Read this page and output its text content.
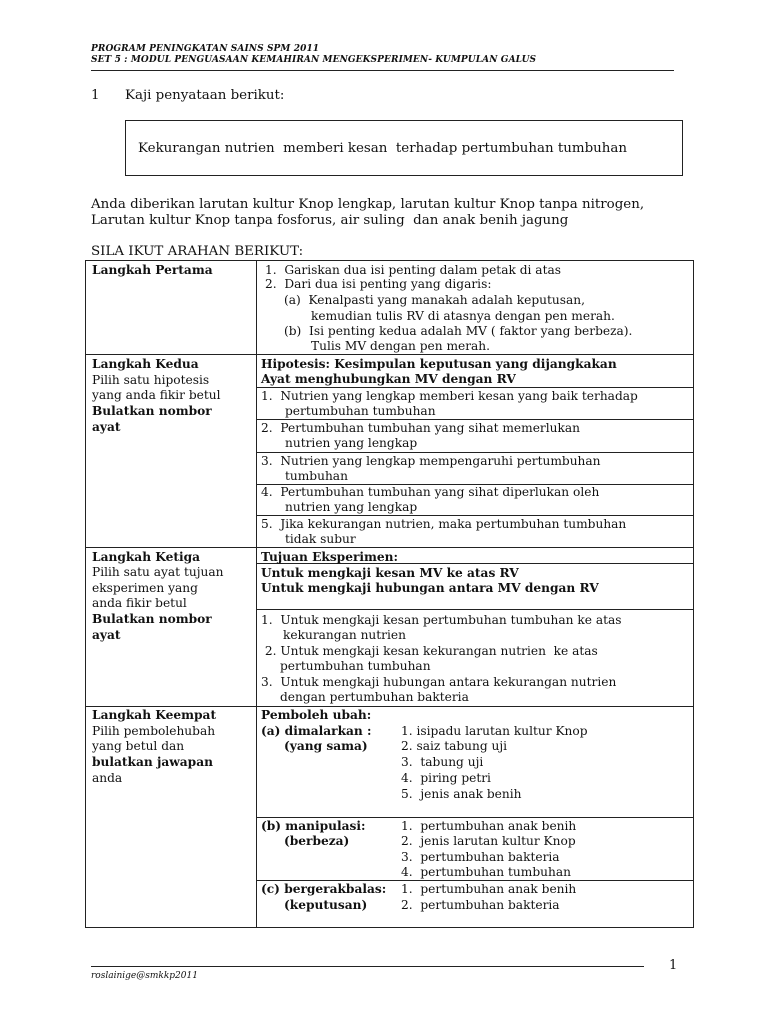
PROGRAM PENINGKATAN SAINS SPM 2011
SET 5 : MODUL PENGUASAAN KEMAHIRAN MENGEKSPERIMEN- KUMPULAN GALUS
1 Kaji penyataan berikut:
Kekurangan nutrien  memberi kesan  terhadap pertumbuhan tumbuhan
Anda diberikan larutan kultur Knop lengkap, larutan kultur Knop tanpa nitrogen,
Larutan kultur Knop tanpa fosforus, air suling  dan anak benih jagung
SILA IKUT ARAHAN BERIKUT:
Langkah Pertama	1.  Gariskan dua isi penting dalam petak di atas
2.  Dari dua isi penting yang digaris:
(a)  Kenalpasti yang manakah adalah keputusan,
kemudian tulis RV di atasnya dengan pen merah.
(b)  Isi penting kedua adalah MV ( faktor yang berbeza).
Tulis MV dengan pen merah.
Langkah Kedua
Pilih satu hipotesis
yang anda fikir betul
Bulatkan nombor
ayat
Hipotesis: Kesimpulan keputusan yang dijangkakan
Ayat menghubungkan MV dengan RV
1.  Nutrien yang lengkap memberi kesan yang baik terhadap
pertumbuhan tumbuhan
2.  Pertumbuhan tumbuhan yang sihat memerlukan
nutrien yang lengkap
3.  Nutrien yang lengkap mempengaruhi pertumbuhan
tumbuhan
4.  Pertumbuhan tumbuhan yang sihat diperlukan oleh
nutrien yang lengkap
5.  Jika kekurangan nutrien, maka pertumbuhan tumbuhan
tidak subur
Langkah Ketiga
Pilih satu ayat tujuan
eksperimen yang
anda fikir betul
Bulatkan nombor
ayat
Tujuan Eksperimen:
Untuk mengkaji kesan MV ke atas RV
Untuk mengkaji hubungan antara MV dengan RV
1.  Untuk mengkaji kesan pertumbuhan tumbuhan ke atas
kekurangan nutrien
2. Untuk mengkaji kesan kekurangan nutrien  ke atas
pertumbuhan tumbuhan
3.  Untuk mengkaji hubungan antara kekurangan nutrien
dengan pertumbuhan bakteria
Langkah Keempat
Pilih pembolehubah
yang betul dan
bulatkan jawapan
anda
Pemboleh ubah:
(a) dimalarkan :
(yang sama)
1. isipadu larutan kultur Knop
2. saiz tabung uji
3.  tabung uji
4.  piring petri
5.  jenis anak benih
(b) manipulasi:
(berbeza)
1.  pertumbuhan anak benih
2.  jenis larutan kultur Knop
3.  pertumbuhan bakteria
4.  pertumbuhan tumbuhan
(c) bergerakbalas:
(keputusan)
1.  pertumbuhan anak benih
2.  pertumbuhan bakteria
roslainige@smkkp2011
1
